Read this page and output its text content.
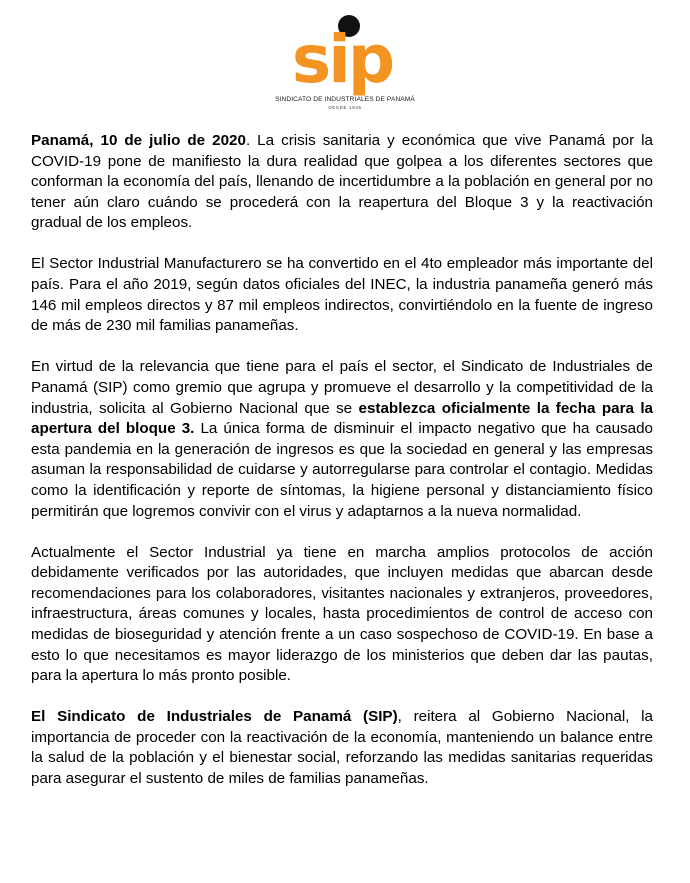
sip
SINDICATO DE INDUSTRIALES DE PANAMÁ
DESDE 1945

Panamá, 10 de julio de 2020. La crisis sanitaria y económica que vive Panamá por la COVID-19 pone de manifiesto la dura realidad que golpea a los diferentes sectores que conforman la economía del país, llenando de incertidumbre a la población en general por no tener aún claro cuándo se procederá con la reapertura del Bloque 3 y la reactivación gradual de los empleos.

El Sector Industrial Manufacturero se ha convertido en el 4to empleador más importante del país. Para el año 2019, según datos oficiales del INEC, la industria panameña generó más 146 mil empleos directos y 87 mil empleos indirectos, convirtiéndolo en la fuente de ingreso de más de 230 mil familias panameñas.

En virtud de la relevancia que tiene para el país el sector, el Sindicato de Industriales de Panamá (SIP) como gremio que agrupa y promueve el desarrollo y la competitividad de la industria, solicita al Gobierno Nacional que se establezca oficialmente la fecha para la apertura del bloque 3. La única forma de disminuir el impacto negativo que ha causado esta pandemia en la generación de ingresos es que la sociedad en general y las empresas asuman la responsabilidad de cuidarse y autorregularse para controlar el contagio. Medidas como la identificación y reporte de síntomas, la higiene personal y distanciamiento físico permitirán que logremos convivir con el virus y adaptarnos a la nueva normalidad.

Actualmente el Sector Industrial ya tiene en marcha amplios protocolos de acción debidamente verificados por las autoridades, que incluyen medidas que abarcan desde recomendaciones para los colaboradores, visitantes nacionales y extranjeros, proveedores, infraestructura, áreas comunes y locales, hasta procedimientos de control de acceso con medidas de bioseguridad y atención frente a un caso sospechoso de COVID-19. En base a esto lo que necesitamos es mayor liderazgo de los ministerios que deben dar las pautas, para la apertura lo más pronto posible.

El Sindicato de Industriales de Panamá (SIP), reitera al Gobierno Nacional, la importancia de proceder con la reactivación de la economía, manteniendo un balance entre la salud de la población y el bienestar social, reforzando las medidas sanitarias requeridas para asegurar el sustento de miles de familias panameñas.
